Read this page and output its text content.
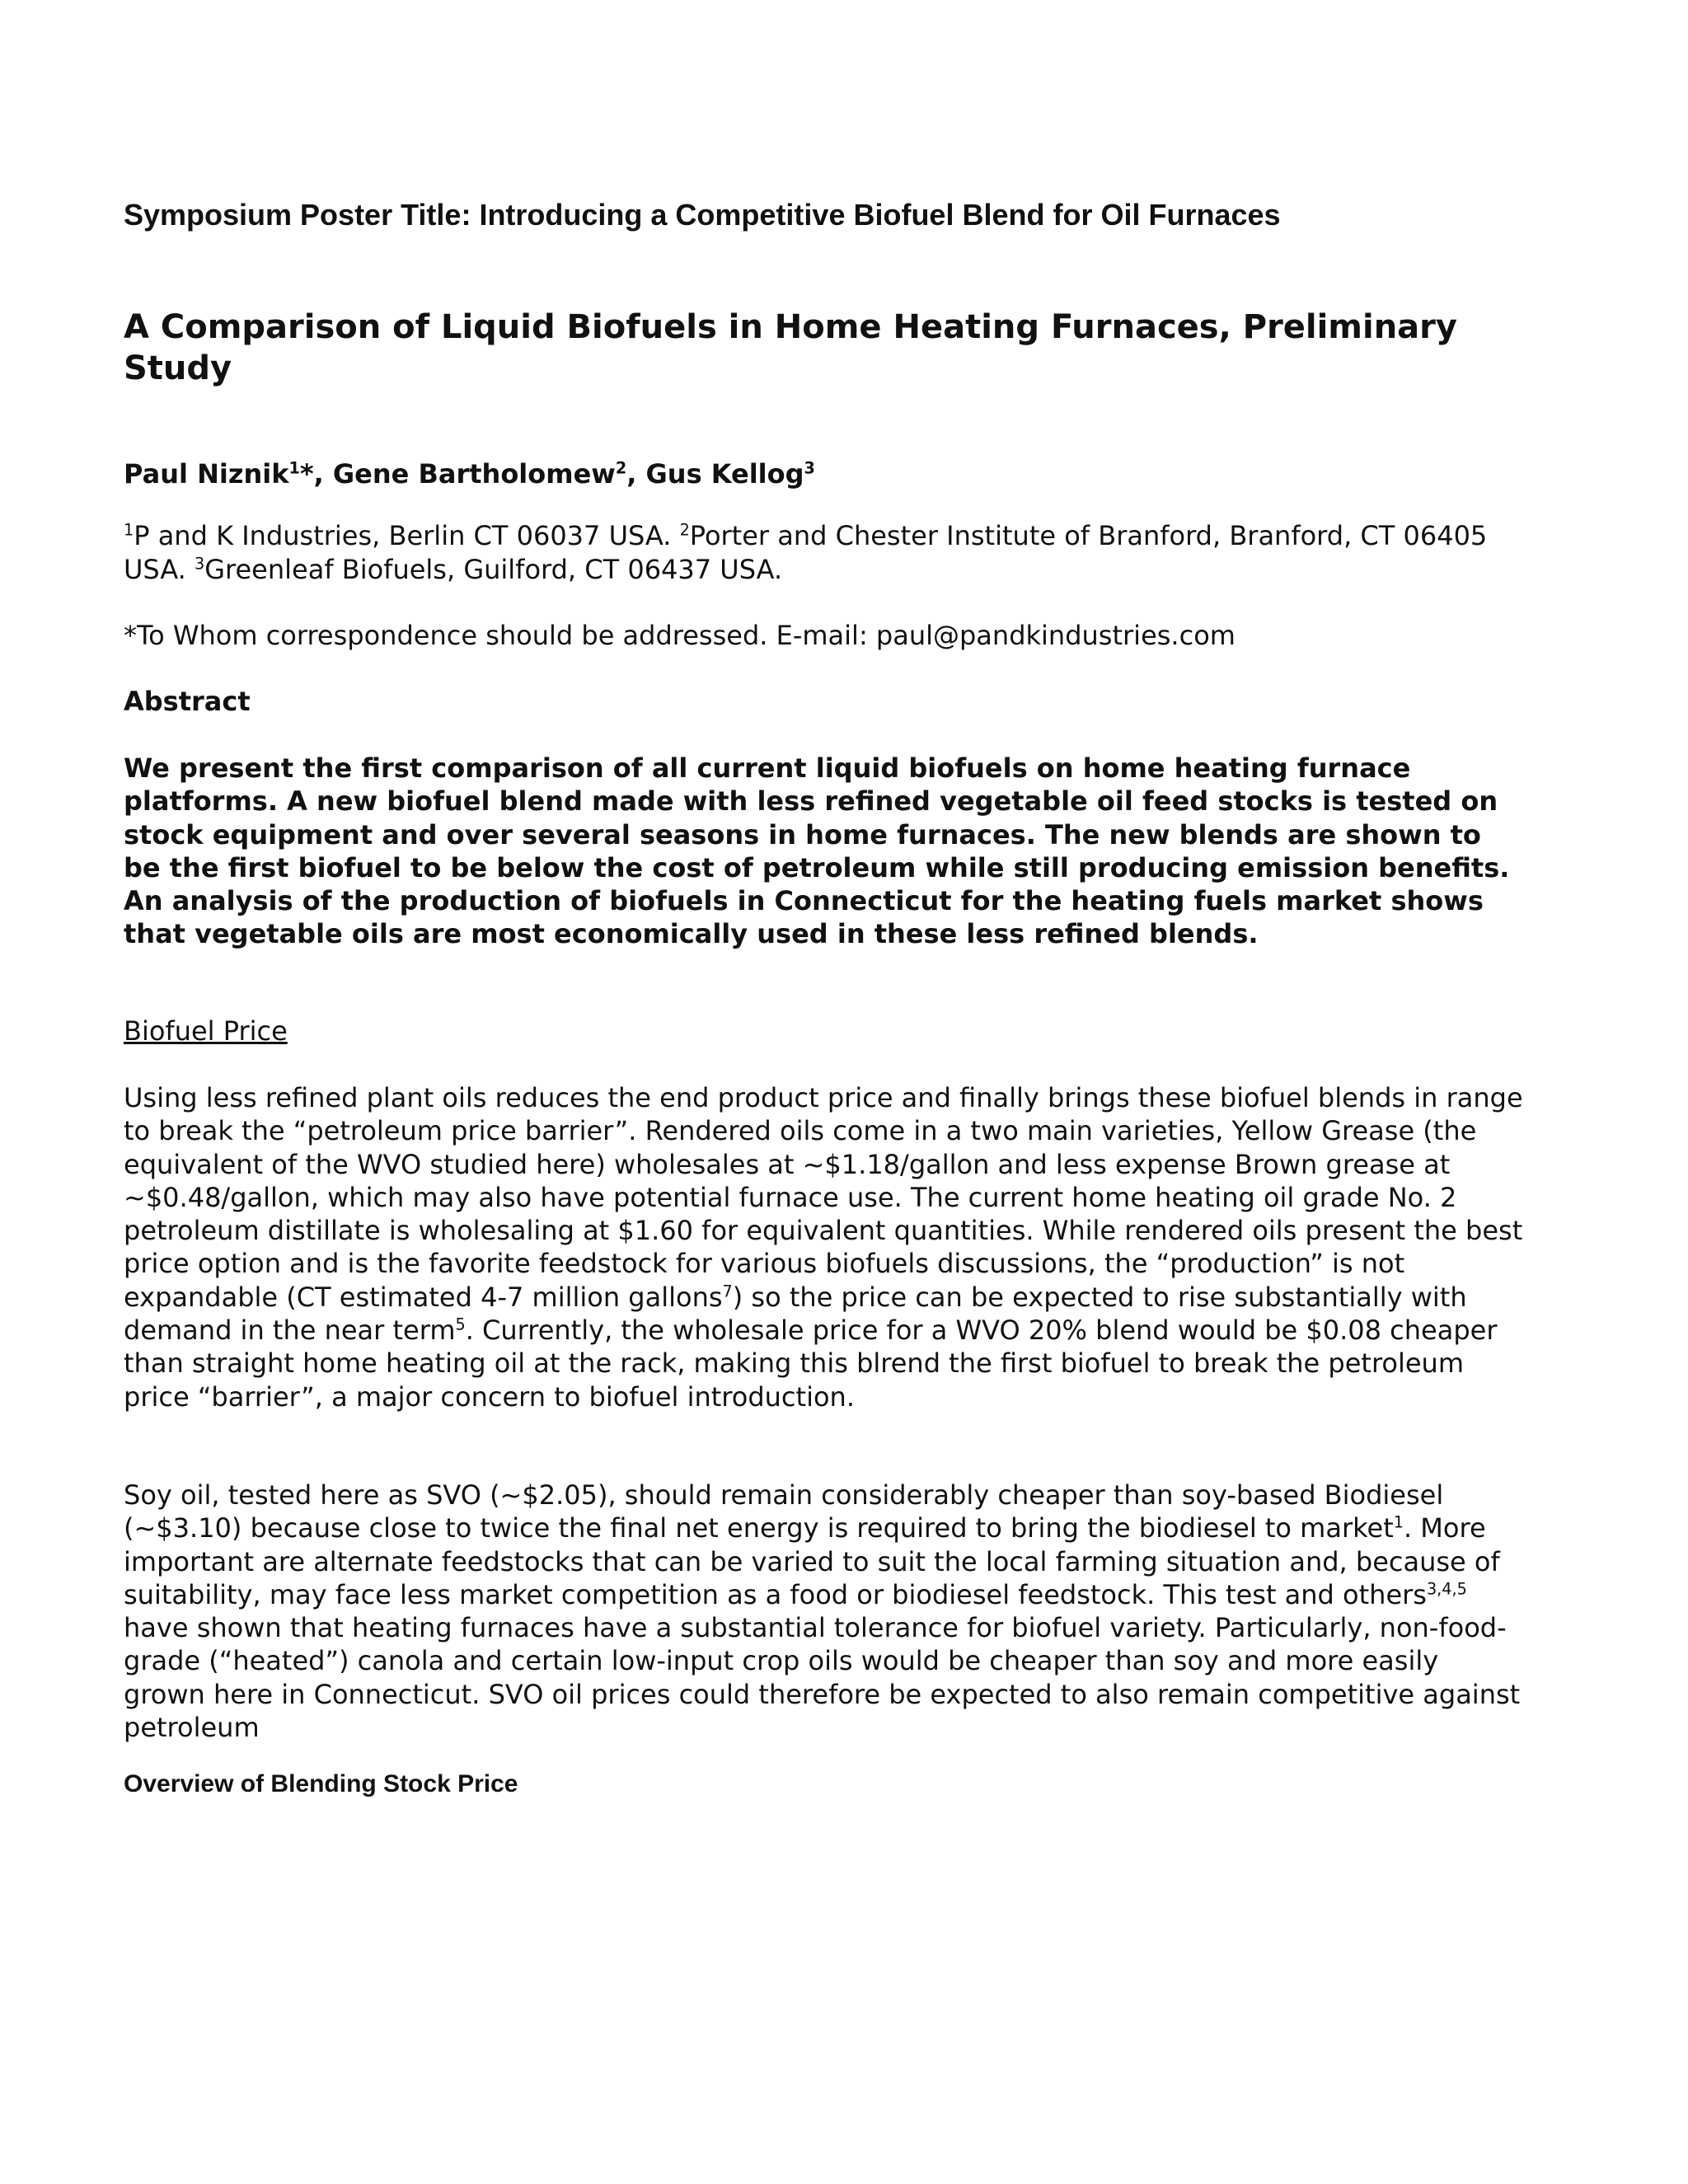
Symposium Poster Title: Introducing a Competitive Biofuel Blend for Oil Furnaces
A Comparison of Liquid Biofuels in Home Heating Furnaces, Preliminary Study
Paul Niznik$^1$*, Gene Bartholomew$^2$, Gus Kellog$^3$
$^1$P and K Industries, Berlin CT 06037 USA. $^2$Porter and Chester Institute of Branford, Branford, CT 06405 USA. $^3$Greenleaf Biofuels, Guilford, CT 06437 USA.
*To Whom correspondence should be addressed. E-mail: paul@pandkindustries.com
Abstract
We present the first comparison of all current liquid biofuels on home heating furnace platforms. A new biofuel blend made with less refined vegetable oil feed stocks is tested on stock equipment and over several seasons in home furnaces. The new blends are shown to be the first biofuel to be below the cost of petroleum while still producing emission benefits. An analysis of the production of biofuels in Connecticut for the heating fuels market shows that vegetable oils are most economically used in these less refined blends.
Biofuel Price
Using less refined plant oils reduces the end product price and finally brings these biofuel blends in range to break the “petroleum price barrier”. Rendered oils come in a two main varieties, Yellow Grease (the equivalent of the WVO studied here) wholesales at ~$1.18/gallon and less expense Brown grease at ~$0.48/gallon, which may also have potential furnace use. The current home heating oil grade No. 2 petroleum distillate is wholesaling at $1.60 for equivalent quantities. While rendered oils present the best price option and is the favorite feedstock for various biofuels discussions, the “production” is not expandable (CT estimated 4-7 million gallons$^7$) so the price can be expected to rise substantially with demand in the near term$^5$. Currently, the wholesale price for a WVO 20% blend would be $0.08 cheaper than straight home heating oil at the rack, making this blrend the first biofuel to break the petroleum price “barrier”, a major concern to biofuel introduction.
Soy oil, tested here as SVO (~$2.05), should remain considerably cheaper than soy-based Biodiesel (~$3.10) because close to twice the final net energy is required to bring the biodiesel to market$^1$. More important are alternate feedstocks that can be varied to suit the local farming situation and, because of suitability, may face less market competition as a food or biodiesel feedstock. This test and others$^{3,4,5}$ have shown that heating furnaces have a substantial tolerance for biofuel variety. Particularly, non-food-grade (“heated”) canola and certain low-input crop oils would be cheaper than soy and more easily grown here in Connecticut. SVO oil prices could therefore be expected to also remain competitive against petroleum
Overview of Blending Stock Price
